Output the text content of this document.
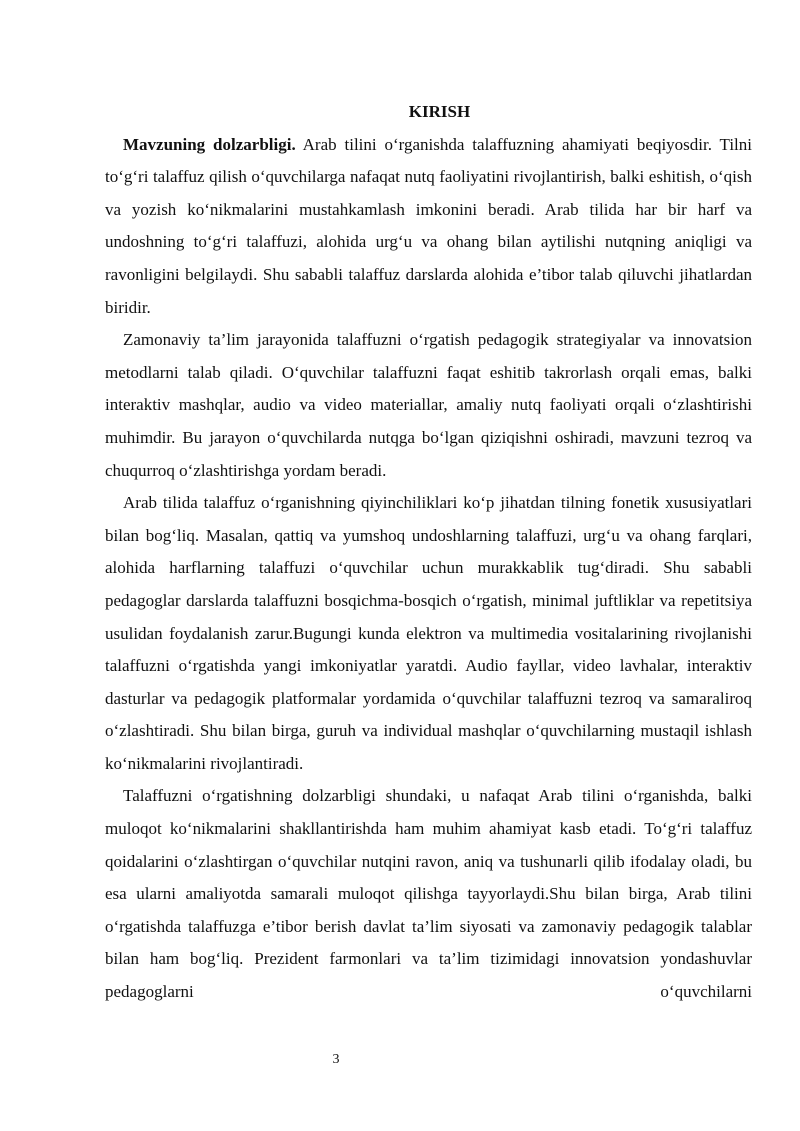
KIRISH

Mavzuning dolzarbligi. Arab tilini o‘rganishda talaffuzning ahamiyati beqiyosdir. Tilni to‘g‘ri talaffuz qilish o‘quvchilarga nafaqat nutq faoliyatini rivojlantirish, balki eshitish, o‘qish va yozish ko‘nikmalarini mustahkamlash imkonini beradi. Arab tilida har bir harf va undoshning to‘g‘ri talaffuzi, alohida urg‘u va ohang bilan aytilishi nutqning aniqligi va ravonligini belgilaydi. Shu sababli talaffuz darslarda alohida e’tibor talab qiluvchi jihatlardan biridir.

Zamonaviy ta’lim jarayonida talaffuzni o‘rgatish pedagogik strategiyalar va innovatsion metodlarni talab qiladi. O‘quvchilar talaffuzni faqat eshitib takrorlash orqali emas, balki interaktiv mashqlar, audio va video materiallar, amaliy nutq faoliyati orqali o‘zlashtirishi muhimdir. Bu jarayon o‘quvchilarda nutqga bo‘lgan qiziqishni oshiradi, mavzuni tezroq va chuqurroq o‘zlashtirishga yordam beradi.

Arab tilida talaffuz o‘rganishning qiyinchiliklari ko‘p jihatdan tilning fonetik xususiyatlari bilan bog‘liq. Masalan, qattiq va yumshoq undoshlarning talaffuzi, urg‘u va ohang farqlari, alohida harflarning talaffuzi o‘quvchilar uchun murakkablik tug‘diradi. Shu sababli pedagoglar darslarda talaffuzni bosqichma-bosqich o‘rgatish, minimal juftliklar va repetitsiya usulidan foydalanish zarur.Bugungi kunda elektron va multimedia vositalarining rivojlanishi talaffuzni o‘rgatishda yangi imkoniyatlar yaratdi. Audio fayllar, video lavhalar, interaktiv dasturlar va pedagogik platformalar yordamida o‘quvchilar talaffuzni tezroq va samaraliroq o‘zlashtiradi. Shu bilan birga, guruh va individual mashqlar o‘quvchilarning mustaqil ishlash ko‘nikmalarini rivojlantiradi.

Talaffuzni o‘rgatishning dolzarbligi shundaki, u nafaqat Arab tilini o‘rganishda, balki muloqot ko‘nikmalarini shakllantirishda ham muhim ahamiyat kasb etadi. To‘g‘ri talaffuz qoidalarini o‘zlashtirgan o‘quvchilar nutqini ravon, aniq va tushunarli qilib ifodalay oladi, bu esa ularni amaliyotda samarali muloqot qilishga tayyorlaydi.Shu bilan birga, Arab tilini o‘rgatishda talaffuzga e’tibor berish davlat ta’lim siyosati va zamonaviy pedagogik talablar bilan ham bog‘liq. Prezident farmonlari va ta’lim tizimidagi innovatsion yondashuvlar pedagoglarni o‘quvchilarni

3
